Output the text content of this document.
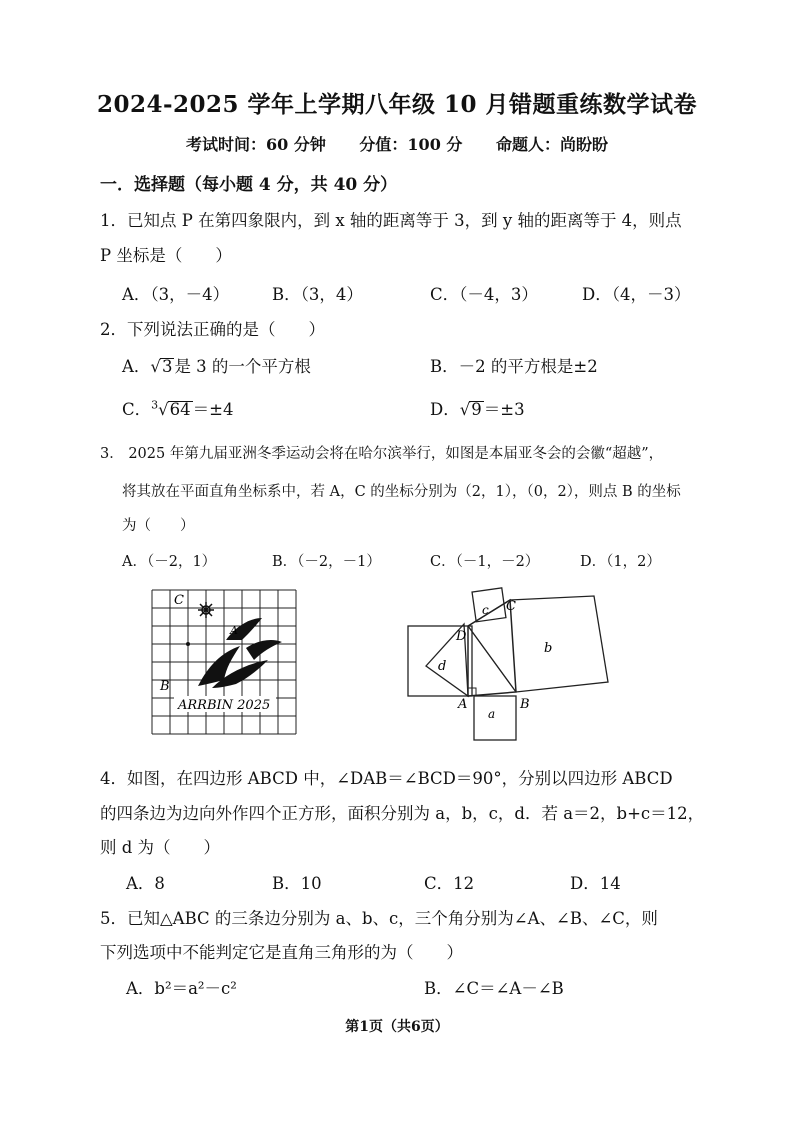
2024-2025 学年上学期八年级 10 月错题重练数学试卷
考试时间：60 分钟 分值：100 分 命题人：尚盼盼
一．选择题（每小题 4 分，共 40 分）
1．已知点 P 在第四象限内，到 x 轴的距离等于 3，到 y 轴的距离等于 4，则点
P 坐标是（　　）
A．（3，－4）	B．（3，4）	C．（－4，3）	D．（4，－3）
2．下列说法正确的是（　　）
A．√3 是 3 的一个平方根	B．－2 的平方根是±2
C．$^3$√64 ＝±4	D．√9 ＝±3
3． 2025 年第九届亚洲冬季运动会将在哈尔滨举行，如图是本届亚冬会的会徽“超越”，
将其放在平面直角坐标系中，若 A，C 的坐标分别为（2，1），（0，2），则点 B 的坐标
为（　　）
A．（－2，1）	B．（－2，－1）	C．（－1，－2）	D．（1，2）
C
B
A
ARRBIN 2025
D
C
A	B
b
c
d
a
4．如图，在四边形 ABCD 中，∠DAB＝∠BCD＝90°，分别以四边形 ABCD
的四条边为边向外作四个正方形，面积分别为 a，b，c，d．若 a＝2，b+c＝12，
则 d 为（　　）
A．8	B．10	C．12	D．14
5．已知△ABC 的三条边分别为 a、b、c，三个角分别为∠A、∠B、∠C，则
下列选项中不能判定它是直角三角形的为（　　）
A．b²＝a²－c²	B．∠C＝∠A－∠B
第1页（共6页）
